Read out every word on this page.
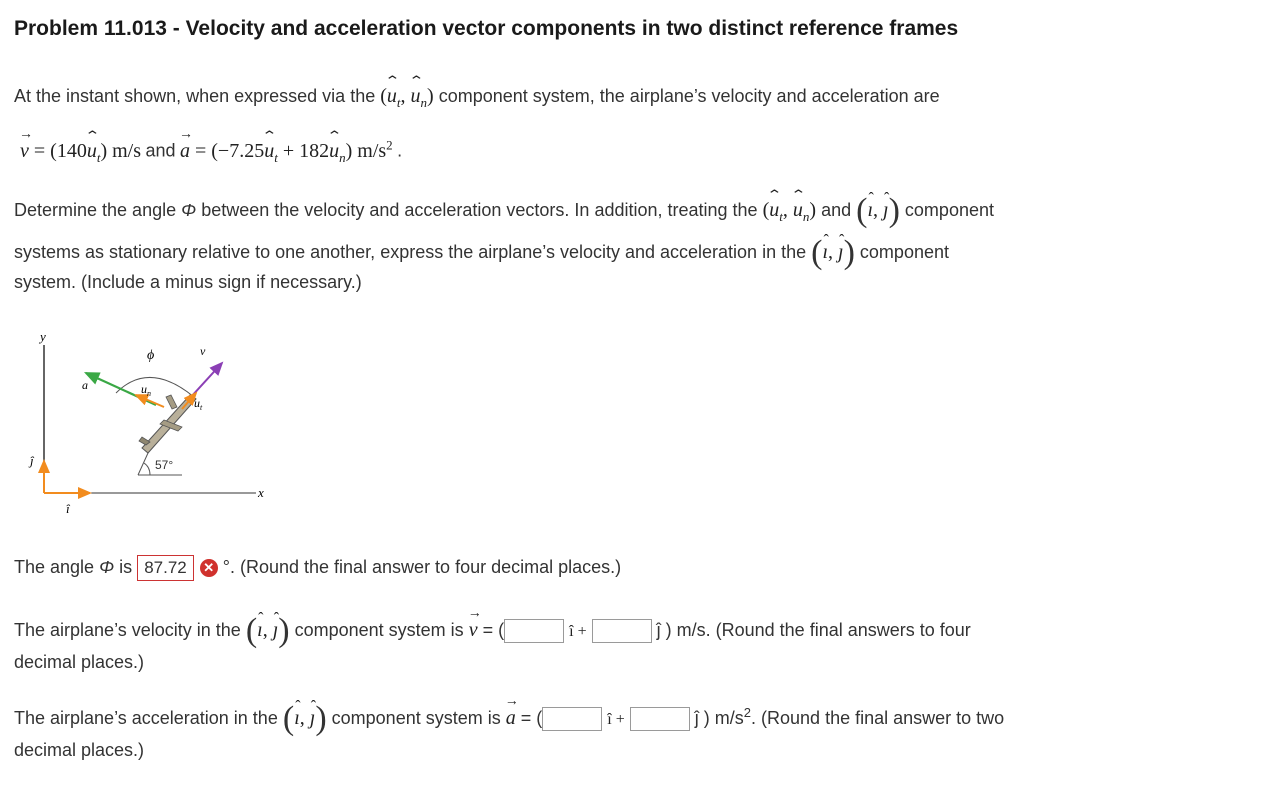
Problem 11.013 - Velocity and acceleration vector components in two distinct reference frames
At the instant shown, when expressed via the (⌃ $u_t$, ⌃ $u_n$) component system, the airplane’s velocity and acceleration are
→ v = (140⌃ $u_t$) m/s and → a = (−7.25⌃ $u_t$ + 182⌃ $u_n$) $m/s^2$ .
Determine the angle Φ between the velocity and acceleration vectors. In addition, treating the (⌃ $u_t$, ⌃ $u_n$) and (ˆ ı, ˆ ȷ) component
systems as stationary relative to one another, express the airplane’s velocity and acceleration in the (ˆ ı, ˆ ȷ) component
system. (Include a minus sign if necessary.)
y
x
ĵ
î
ϕ	v
a	$u_n$
$u_t$
57°
The angle Φ is 87.72 ✕ °. (Round the final answer to four decimal places.)
The airplane’s velocity in the (ˆ ı, ˆ ȷ) component system is → v = (	î +	ĵ ) m/s. (Round the final answers to four
decimal places.)
The airplane’s acceleration in the (ˆ ı, ˆ ȷ) component system is → a = (	î +	ĵ ) $m/s^2$. (Round the final answer to two
decimal places.)
